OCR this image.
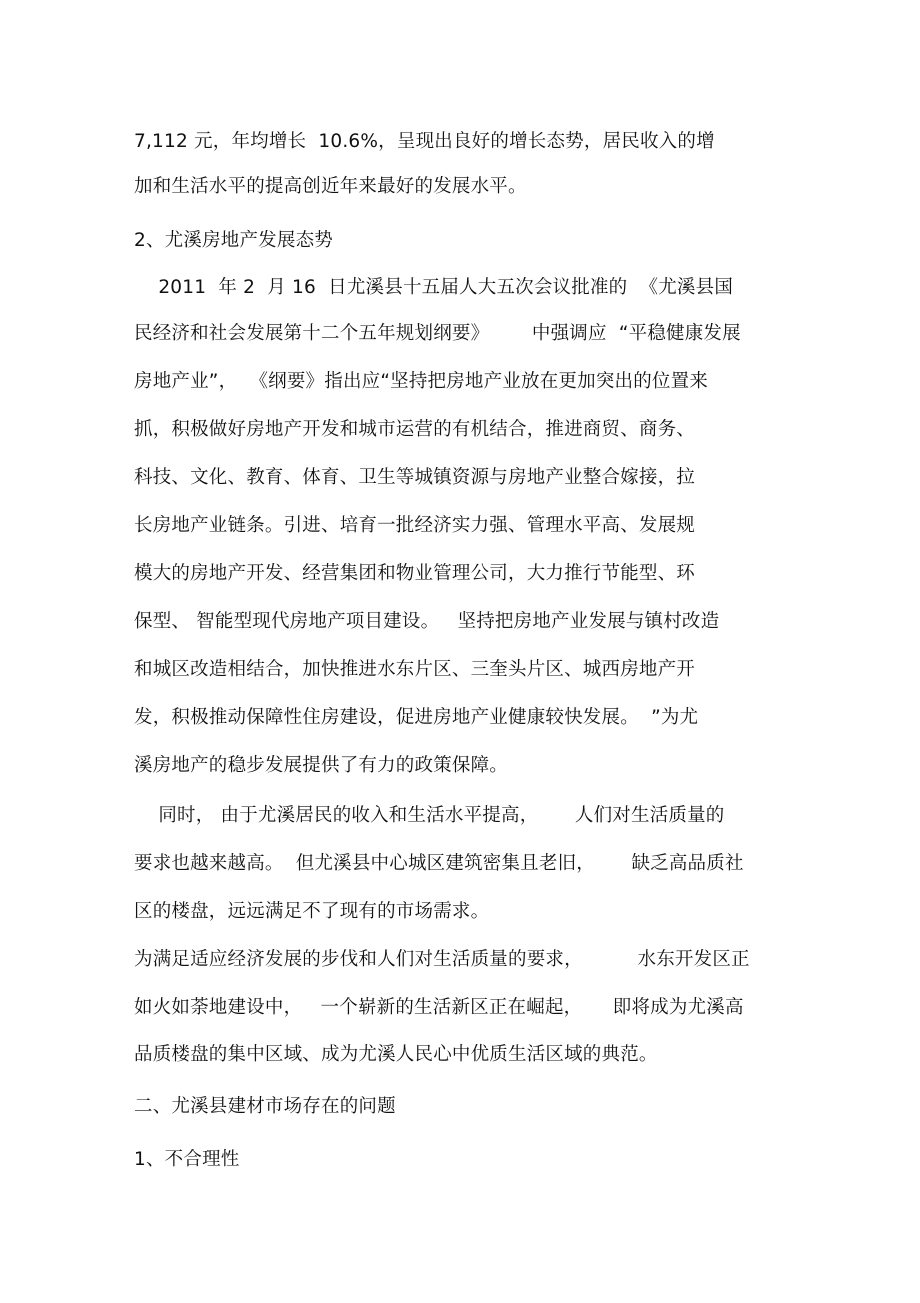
7,112 元，年均增长  10.6%，呈现出良好的增长态势，居民收入的增
加和生活水平的提高创近年来最好的发展水平。
2、尤溪房地产发展态势
2011  年 2  月 16  日尤溪县十五届人大五次会议批准的  《尤溪县国
民经济和社会发展第十二个五年规划纲要》       中强调应  “平稳健康发展
房地产业”，  《纲要》指出应“坚持把房地产业放在更加突出的位置来
抓，积极做好房地产开发和城市运营的有机结合，推进商贸、商务、
科技、文化、教育、体育、卫生等城镇资源与房地产业整合嫁接，拉
长房地产业链条。引进、培育一批经济实力强、管理水平高、发展规
模大的房地产开发、经营集团和物业管理公司，大力推行节能型、环
保型、 智能型现代房地产项目建设。   坚持把房地产业发展与镇村改造
和城区改造相结合，加快推进水东片区、三奎头片区、城西房地产开
发，积极推动保障性住房建设，促进房地产业健康较快发展。  ”为尤
溪房地产的稳步发展提供了有力的政策保障。
同时， 由于尤溪居民的收入和生活水平提高，      人们对生活质量的
要求也越来越高。  但尤溪县中心城区建筑密集且老旧，      缺乏高品质社
区的楼盘，远远满足不了现有的市场需求。
为满足适应经济发展的步伐和人们对生活质量的要求，         水东开发区正
如火如荼地建设中，   一个崭新的生活新区正在崛起，     即将成为尤溪高
品质楼盘的集中区域、成为尤溪人民心中优质生活区域的典范。
二、尤溪县建材市场存在的问题
1、不合理性
